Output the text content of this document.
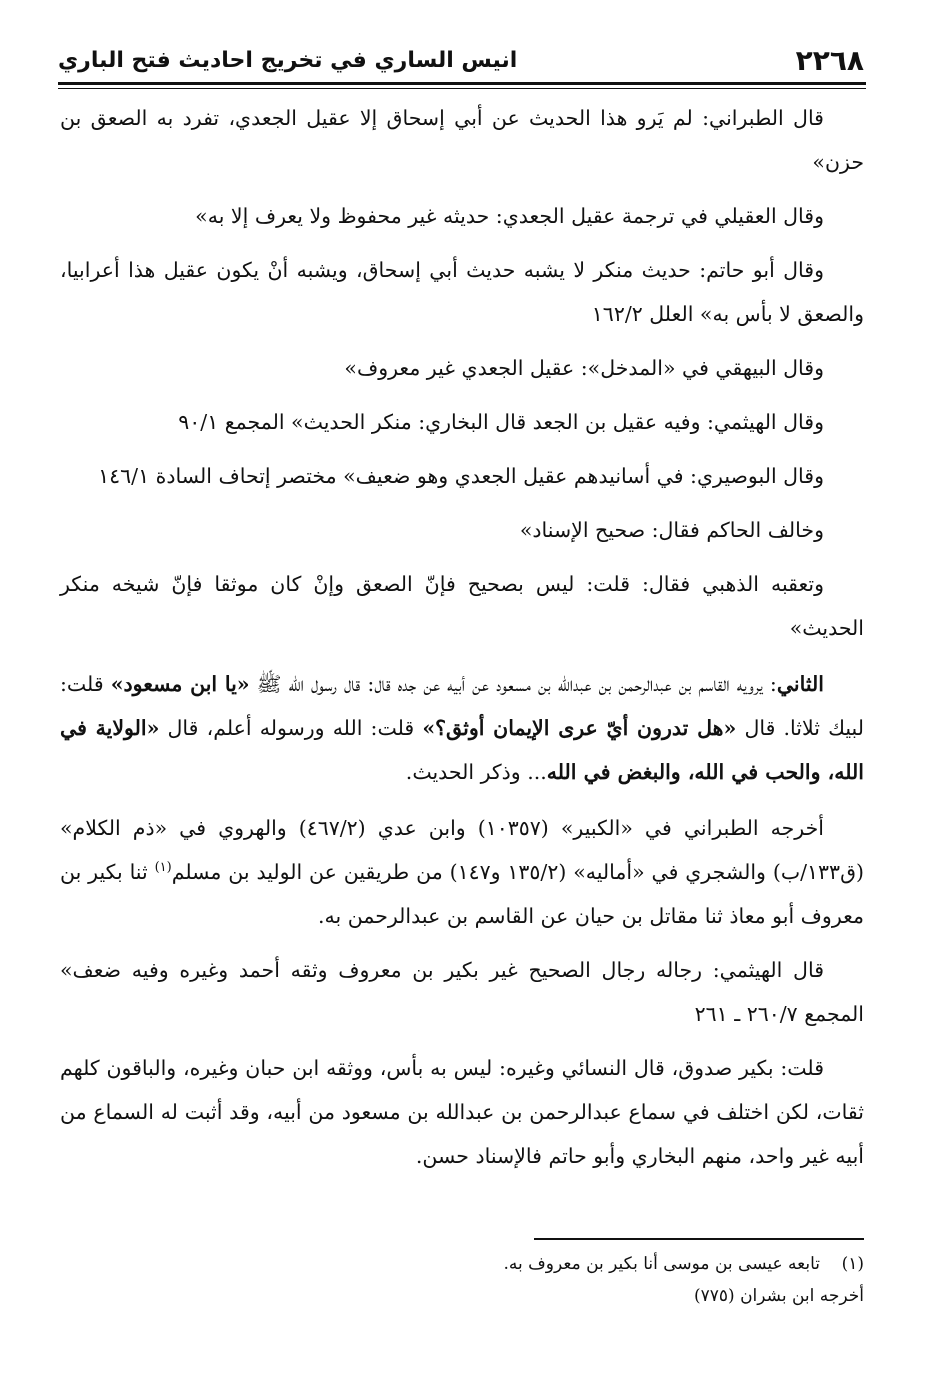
٢٢٦٨
انيس الساري في تخريج احاديث فتح الباري

قال الطبراني: لم يَرو هذا الحديث عن أبي إسحاق إلا عقيل الجعدي، تفرد به الصعق بن حزن»

وقال العقيلي في ترجمة عقيل الجعدي: حديثه غير محفوظ ولا يعرف إلا به»

وقال أبو حاتم: حديث منكر لا يشبه حديث أبي إسحاق، ويشبه أنْ يكون عقيل هذا أعرابيا، والصعق لا بأس به» العلل ١٦٢/٢

وقال البيهقي في «المدخل»: عقيل الجعدي غير معروف»

وقال الهيثمي: وفيه عقيل بن الجعد قال البخاري: منكر الحديث» المجمع ٩٠/١

وقال البوصيري: في أسانيدهم عقيل الجعدي وهو ضعيف» مختصر إتحاف السادة ١٤٦/١

وخالف الحاكم فقال: صحيح الإسناد»

وتعقبه الذهبي فقال: قلت: ليس بصحيح فإنّ الصعق وإنْ كان موثقا فإنّ شيخه منكر الحديث»

الثاني: يرويه القاسم بن عبدالرحمن بن عبدالله بن مسعود عن أبيه عن جده قال: قال رسول الله ﷺ «يا ابن مسعود» قلت: لبيك ثلاثا. قال «هل تدرون أيّ عرى الإيمان أوثق؟» قلت: الله ورسوله أعلم، قال «الولاية في الله، والحب في الله، والبغض في الله... وذكر الحديث.

أخرجه الطبراني في «الكبير» (١٠٣٥٧) وابن عدي (٤٦٧/٢) والهروي في «ذم الكلام» (ق١٣٣/ب) والشجري في «أماليه» (١٣٥/٢ و١٤٧) من طريقين عن الوليد بن مسلم$^{(١)}$ ثنا بكير بن معروف أبو معاذ ثنا مقاتل بن حيان عن القاسم بن عبدالرحمن به.

قال الهيثمي: رجاله رجال الصحيح غير بكير بن معروف وثقه أحمد وغيره وفيه ضعف» المجمع ٢٦٠/٧ ـ ٢٦١

قلت: بكير صدوق، قال النسائي وغيره: ليس به بأس، ووثقه ابن حبان وغيره، والباقون كلهم ثقات، لكن اختلف في سماع عبدالرحمن بن عبدالله بن مسعود من أبيه، وقد أثبت له السماع من أبيه غير واحد، منهم البخاري وأبو حاتم فالإسناد حسن.

(١)تابعه عيسى بن موسى أنا بكير بن معروف به.
أخرجه ابن بشران (٧٧٥)
